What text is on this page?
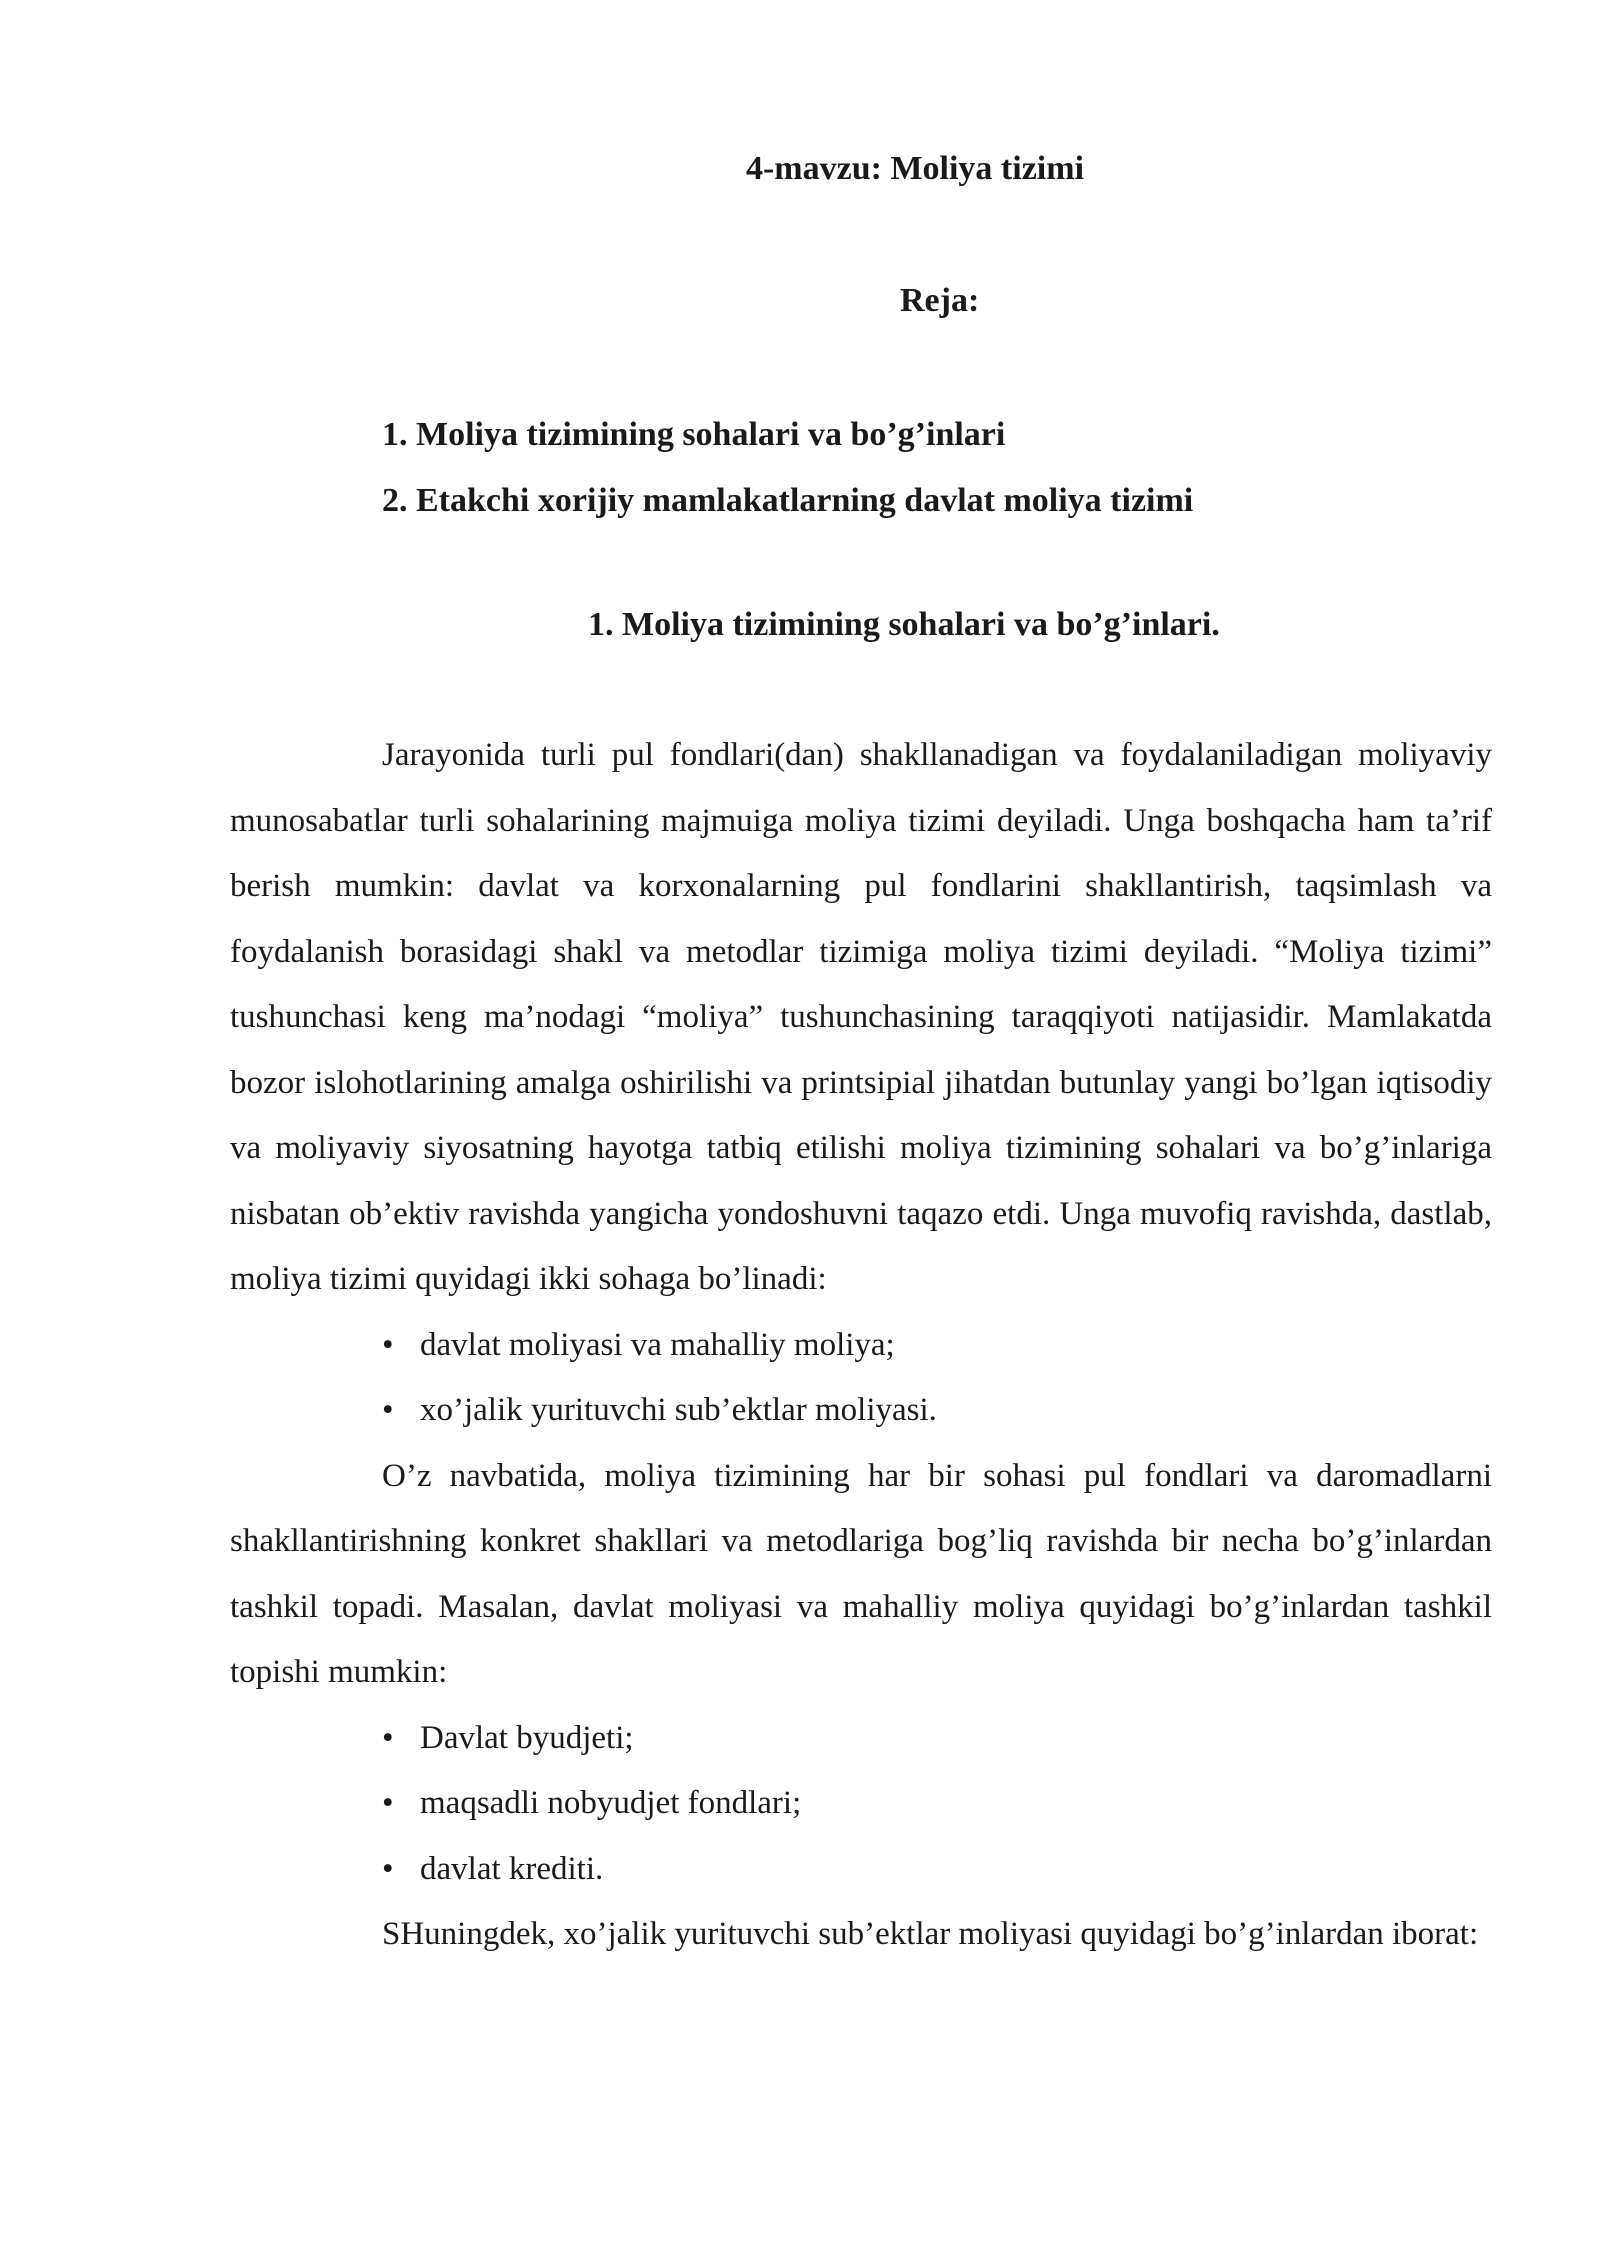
4-mavzu: Moliya tizimi
Reja:
1. Moliya tizimining sohalari va bo’g’inlari
2. Etakchi xorijiy mamlakatlarning davlat moliya tizimi
1. Moliya tizimining sohalari va bo’g’inlari.

Jarayonida turli pul fondlari(dan) shakllanadigan va foydalaniladigan moliyaviy munosabatlar turli sohalarining majmuiga moliya tizimi deyiladi. Unga boshqacha ham ta’rif berish mumkin: davlat va korxonalarning pul fondlarini shakllantirish, taqsimlash va foydalanish borasidagi shakl va metodlar tizimiga moliya tizimi deyiladi. “Moliya tizimi” tushunchasi keng ma’nodagi “moliya” tushunchasining taraqqiyoti natijasidir. Mamlakatda bozor islohotlarining amalga oshirilishi va printsipial jihatdan butunlay yangi bo’lgan iqtisodiy va moliyaviy siyosatning hayotga tatbiq etilishi moliya tizimining sohalari va bo’g’inlariga nisbatan ob’ektiv ravishda yangicha yondoshuvni taqazo etdi. Unga muvofiq ravishda, dastlab, moliya tizimi quyidagi ikki sohaga bo’linadi:

• davlat moliyasi va mahalliy moliya;
• xo’jalik yurituvchi sub’ektlar moliyasi.

O’z navbatida, moliya tizimining har bir sohasi pul fondlari va daromadlarni shakllantirishning konkret shakllari va metodlariga bog’liq ravishda bir necha bo’g’inlardan tashkil topadi. Masalan, davlat moliyasi va mahalliy moliya quyidagi bo’g’inlardan tashkil topishi mumkin:

• Davlat byudjeti;
• maqsadli nobyudjet fondlari;
• davlat krediti.

SHuningdek, xo’jalik yurituvchi sub’ektlar moliyasi quyidagi bo’g’inlardan iborat:
